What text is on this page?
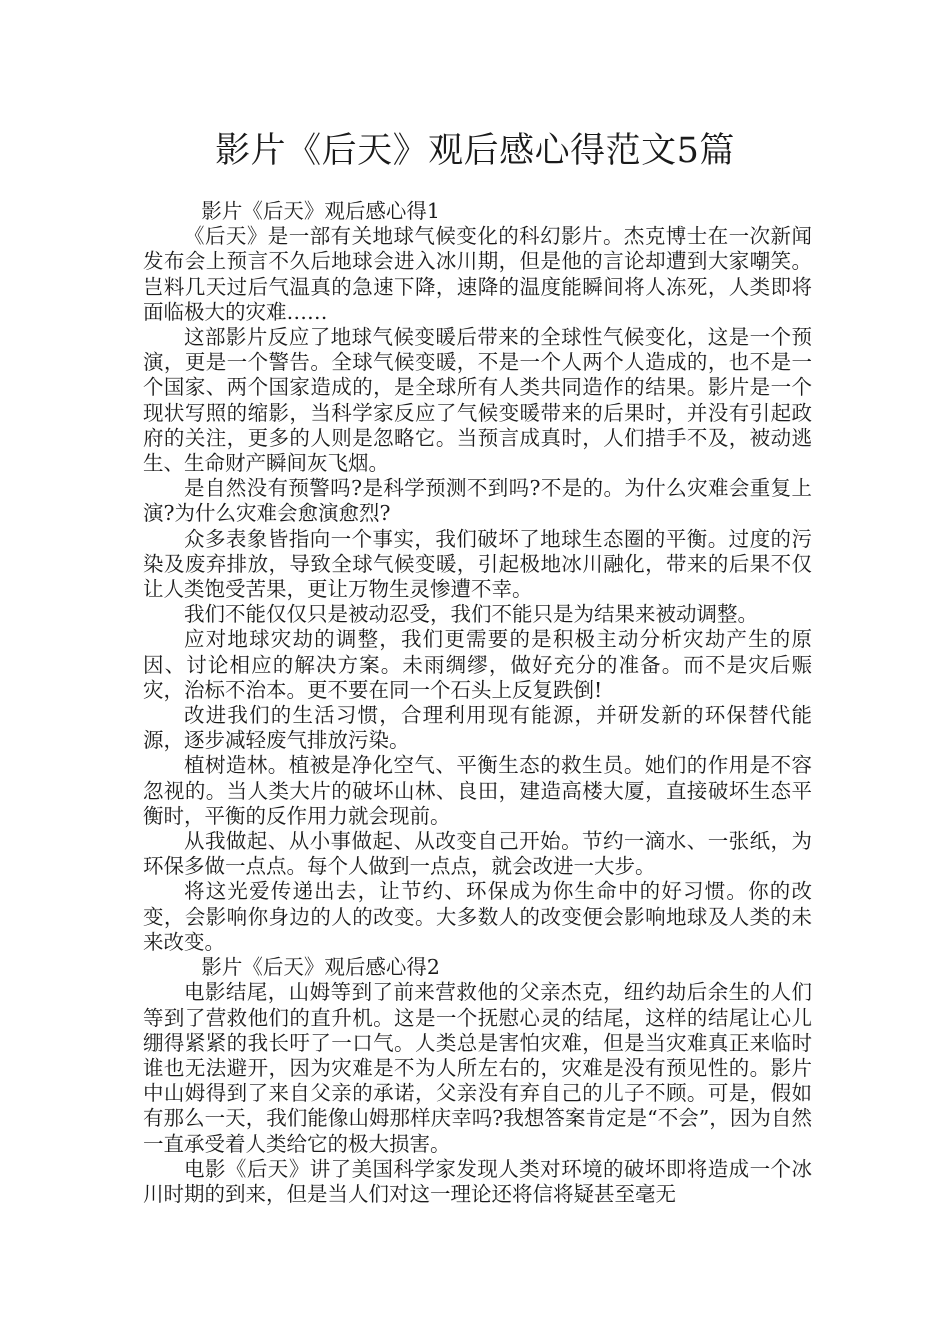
影片《后天》观后感心得范文5篇

影片《后天》观后感心得1

《后天》是一部有关地球气候变化的科幻影片。杰克博士在一次新闻发布会上预言不久后地球会进入冰川期，但是他的言论却遭到大家嘲笑。岂料几天过后气温真的急速下降，速降的温度能瞬间将人冻死，人类即将面临极大的灾难……

这部影片反应了地球气候变暖后带来的全球性气候变化，这是一个预演，更是一个警告。全球气候变暖，不是一个人两个人造成的，也不是一个国家、两个国家造成的，是全球所有人类共同造作的结果。影片是一个现状写照的缩影，当科学家反应了气候变暖带来的后果时，并没有引起政府的关注，更多的人则是忽略它。当预言成真时，人们措手不及，被动逃生、生命财产瞬间灰飞烟。

是自然没有预警吗?是科学预测不到吗?不是的。为什么灾难会重复上演?为什么灾难会愈演愈烈?

众多表象皆指向一个事实，我们破坏了地球生态圈的平衡。过度的污染及废弃排放，导致全球气候变暖，引起极地冰川融化，带来的后果不仅让人类饱受苦果，更让万物生灵惨遭不幸。

我们不能仅仅只是被动忍受，我们不能只是为结果来被动调整。

应对地球灾劫的调整，我们更需要的是积极主动分析灾劫产生的原因、讨论相应的解决方案。未雨绸缪，做好充分的准备。而不是灾后赈灾，治标不治本。更不要在同一个石头上反复跌倒!

改进我们的生活习惯，合理利用现有能源，并研发新的环保替代能源，逐步减轻废气排放污染。

植树造林。植被是净化空气、平衡生态的救生员。她们的作用是不容忽视的。当人类大片的破坏山林、良田，建造高楼大厦，直接破坏生态平衡时，平衡的反作用力就会现前。

从我做起、从小事做起、从改变自己开始。节约一滴水、一张纸，为环保多做一点点。每个人做到一点点，就会改进一大步。

将这光爱传递出去，让节约、环保成为你生命中的好习惯。你的改变，会影响你身边的人的改变。大多数人的改变便会影响地球及人类的未来改变。

影片《后天》观后感心得2

电影结尾，山姆等到了前来营救他的父亲杰克，纽约劫后余生的人们等到了营救他们的直升机。这是一个抚慰心灵的结尾，这样的结尾让心儿绷得紧紧的我长吁了一口气。人类总是害怕灾难，但是当灾难真正来临时谁也无法避开，因为灾难是不为人所左右的，灾难是没有预见性的。影片中山姆得到了来自父亲的承诺，父亲没有弃自己的儿子不顾。可是，假如有那么一天，我们能像山姆那样庆幸吗?我想答案肯定是“不会”，因为自然一直承受着人类给它的极大损害。

电影《后天》讲了美国科学家发现人类对环境的破坏即将造成一个冰川时期的到来，但是当人们对这一理论还将信将疑甚至毫无
